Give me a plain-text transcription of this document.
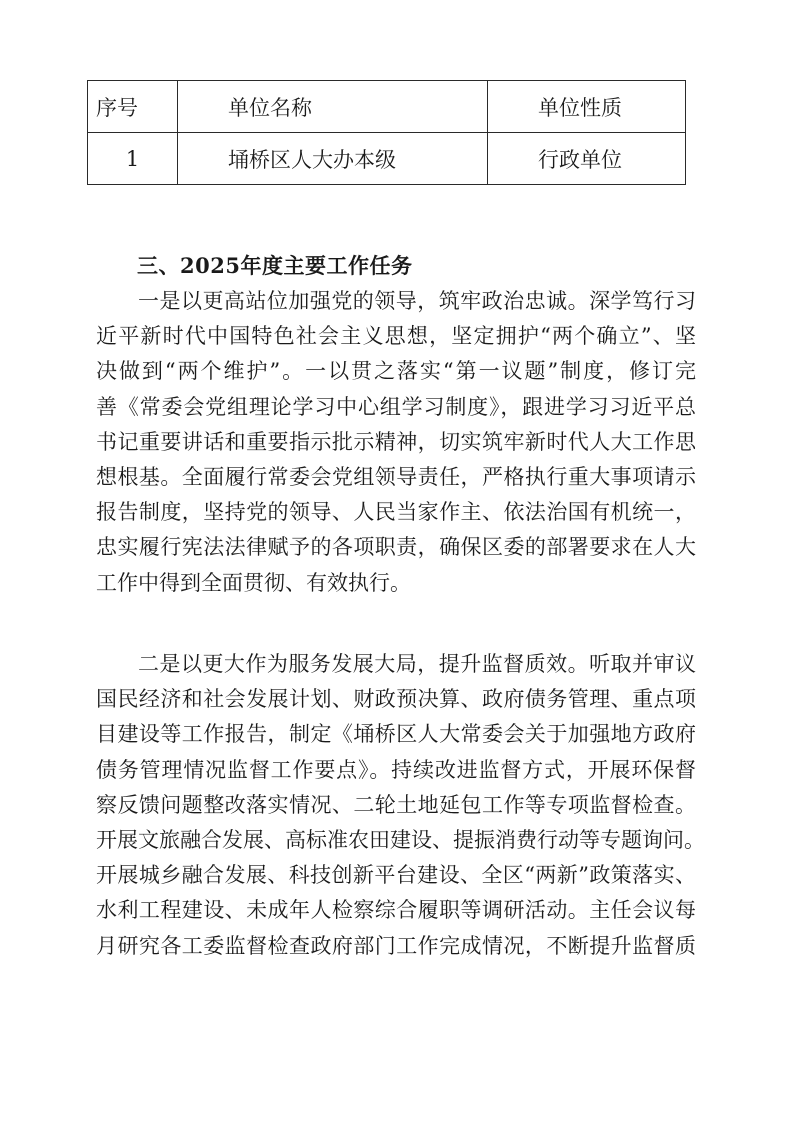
序号	单位名称	单位性质
1	埇桥区人大办本级	行政单位
三、2025年度主要工作任务

一是以更高站位加强党的领导，筑牢政治忠诚。深学笃行习
近平新时代中国特色社会主义思想，坚定拥护“两个确立”、坚
决做到“两个维护”。一以贯之落实“第一议题”制度，修订完
善《常委会党组理论学习中心组学习制度》，跟进学习习近平总
书记重要讲话和重要指示批示精神，切实筑牢新时代人大工作思
想根基。全面履行常委会党组领导责任，严格执行重大事项请示
报告制度，坚持党的领导、人民当家作主、依法治国有机统一，
忠实履行宪法法律赋予的各项职责，确保区委的部署要求在人大
工作中得到全面贯彻、有效执行。

二是以更大作为服务发展大局，提升监督质效。听取并审议
国民经济和社会发展计划、财政预决算、政府债务管理、重点项
目建设等工作报告，制定《埇桥区人大常委会关于加强地方政府
债务管理情况监督工作要点》。持续改进监督方式，开展环保督
察反馈问题整改落实情况、二轮土地延包工作等专项监督检查。
开展文旅融合发展、高标准农田建设、提振消费行动等专题询问。
开展城乡融合发展、科技创新平台建设、全区“两新”政策落实、
水利工程建设、未成年人检察综合履职等调研活动。主任会议每
月研究各工委监督检查政府部门工作完成情况，不断提升监督质
